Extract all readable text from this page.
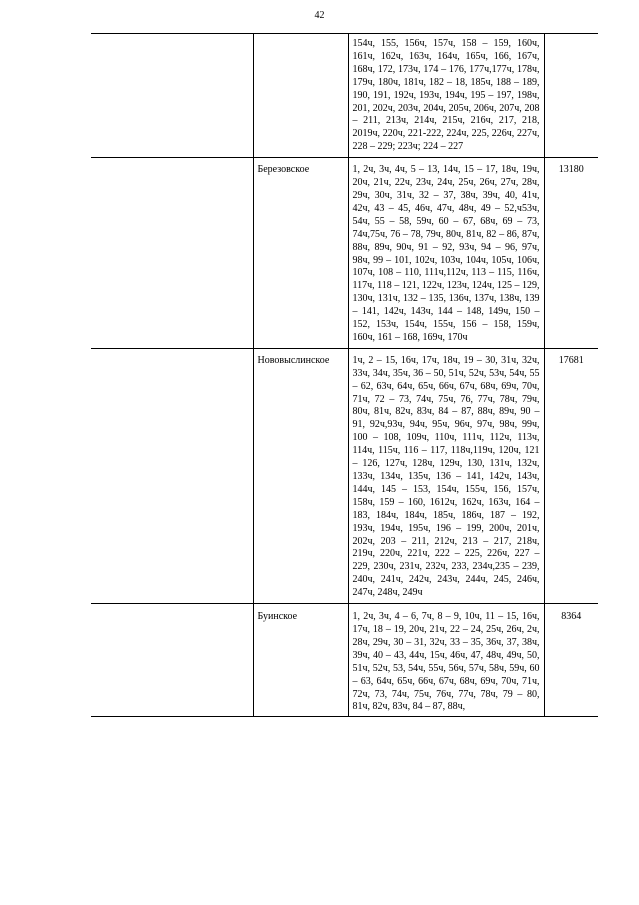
42
		154ч, 155, 156ч, 157ч, 158 – 159, 160ч, 161ч, 162ч, 163ч, 164ч, 165ч, 166, 167ч, 168ч, 172, 173ч, 174 – 176, 177ч,177ч, 178ч, 179ч, 180ч, 181ч, 182 – 18, 185ч, 188 – 189, 190, 191, 192ч, 193ч, 194ч, 195 – 197, 198ч, 201, 202ч, 203ч, 204ч, 205ч, 206ч, 207ч, 208 – 211, 213ч, 214ч, 215ч, 216ч, 217, 218, 2019ч, 220ч, 221-222, 224ч, 225, 226ч, 227ч, 228 – 229; 223ч; 224 – 227	
	Березовское	1, 2ч, 3ч, 4ч, 5 – 13, 14ч, 15 – 17, 18ч, 19ч, 20ч, 21ч, 22ч, 23ч, 24ч, 25ч, 26ч, 27ч, 28ч, 29ч, 30ч, 31ч, 32 – 37, 38ч, 39ч, 40, 41ч, 42ч, 43 – 45, 46ч, 47ч, 48ч, 49 – 52,ч53ч, 54ч, 55 – 58, 59ч, 60 – 67, 68ч, 69 – 73, 74ч,75ч, 76 – 78, 79ч, 80ч, 81ч, 82 – 86, 87ч, 88ч, 89ч, 90ч, 91 – 92, 93ч, 94 – 96, 97ч, 98ч, 99 – 101, 102ч, 103ч, 104ч, 105ч, 106ч, 107ч, 108 – 110, 111ч,112ч, 113 – 115, 116ч, 117ч, 118 – 121, 122ч, 123ч, 124ч, 125 – 129, 130ч, 131ч, 132 – 135, 136ч, 137ч, 138ч, 139 – 141, 142ч, 143ч, 144 – 148, 149ч, 150 – 152, 153ч, 154ч, 155ч, 156 – 158, 159ч, 160ч, 161 – 168, 169ч, 170ч	13180
	Нововыслинское	1ч, 2 – 15, 16ч, 17ч, 18ч, 19 – 30, 31ч, 32ч, 33ч, 34ч, 35ч, 36 – 50, 51ч, 52ч, 53ч, 54ч, 55 – 62, 63ч, 64ч, 65ч, 66ч, 67ч, 68ч, 69ч, 70ч, 71ч, 72 – 73, 74ч, 75ч, 76, 77ч, 78ч, 79ч, 80ч, 81ч, 82ч, 83ч, 84 – 87, 88ч, 89ч, 90 – 91, 92ч,93ч, 94ч, 95ч, 96ч, 97ч, 98ч, 99ч, 100 – 108, 109ч, 110ч, 111ч, 112ч, 113ч, 114ч, 115ч, 116 – 117, 118ч,119ч, 120ч, 121 – 126, 127ч, 128ч, 129ч, 130, 131ч, 132ч, 133ч, 134ч, 135ч, 136 – 141, 142ч, 143ч, 144ч, 145 – 153, 154ч, 155ч, 156, 157ч, 158ч, 159 – 160, 1612ч, 162ч, 163ч, 164 – 183, 184ч, 184ч, 185ч, 186ч, 187 – 192, 193ч, 194ч, 195ч, 196 – 199, 200ч, 201ч, 202ч, 203 – 211, 212ч, 213 – 217, 218ч, 219ч, 220ч, 221ч, 222 – 225, 226ч, 227 – 229, 230ч, 231ч, 232ч, 233, 234ч,235 – 239, 240ч, 241ч, 242ч, 243ч, 244ч, 245, 246ч, 247ч, 248ч, 249ч	17681
	Буинское	1, 2ч, 3ч, 4 – 6, 7ч, 8 – 9, 10ч, 11 – 15, 16ч, 17ч, 18 – 19, 20ч, 21ч, 22 – 24, 25ч, 26ч, 2ч, 28ч, 29ч, 30 – 31, 32ч, 33 – 35, 36ч, 37, 38ч, 39ч, 40 – 43, 44ч, 15ч, 46ч, 47, 48ч, 49ч, 50, 51ч, 52ч, 53, 54ч, 55ч, 56ч, 57ч, 58ч, 59ч, 60 – 63, 64ч, 65ч, 66ч, 67ч, 68ч, 69ч, 70ч, 71ч, 72ч, 73, 74ч, 75ч, 76ч, 77ч, 78ч, 79 – 80, 81ч, 82ч, 83ч, 84 – 87, 88ч,	8364
